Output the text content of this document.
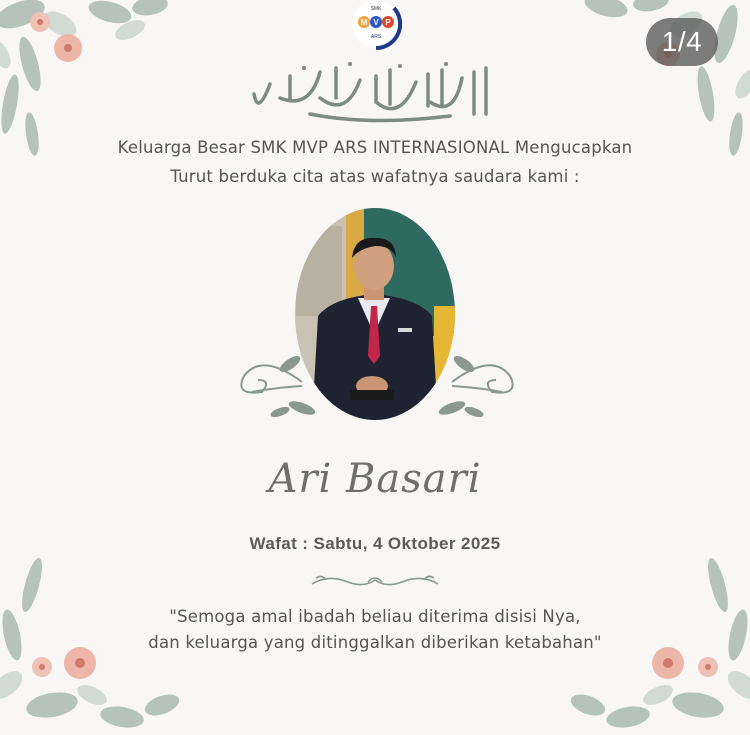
M V P
SMK
ARS	1/4
Keluarga Besar SMK MVP ARS INTERNASIONAL Mengucapkan
Turut berduka cita atas wafatnya saudara kami :
Ari Basari
Wafat : Sabtu, 4 Oktober 2025
"Semoga amal ibadah beliau diterima disisi Nya,
dan keluarga yang ditinggalkan diberikan ketabahan"
